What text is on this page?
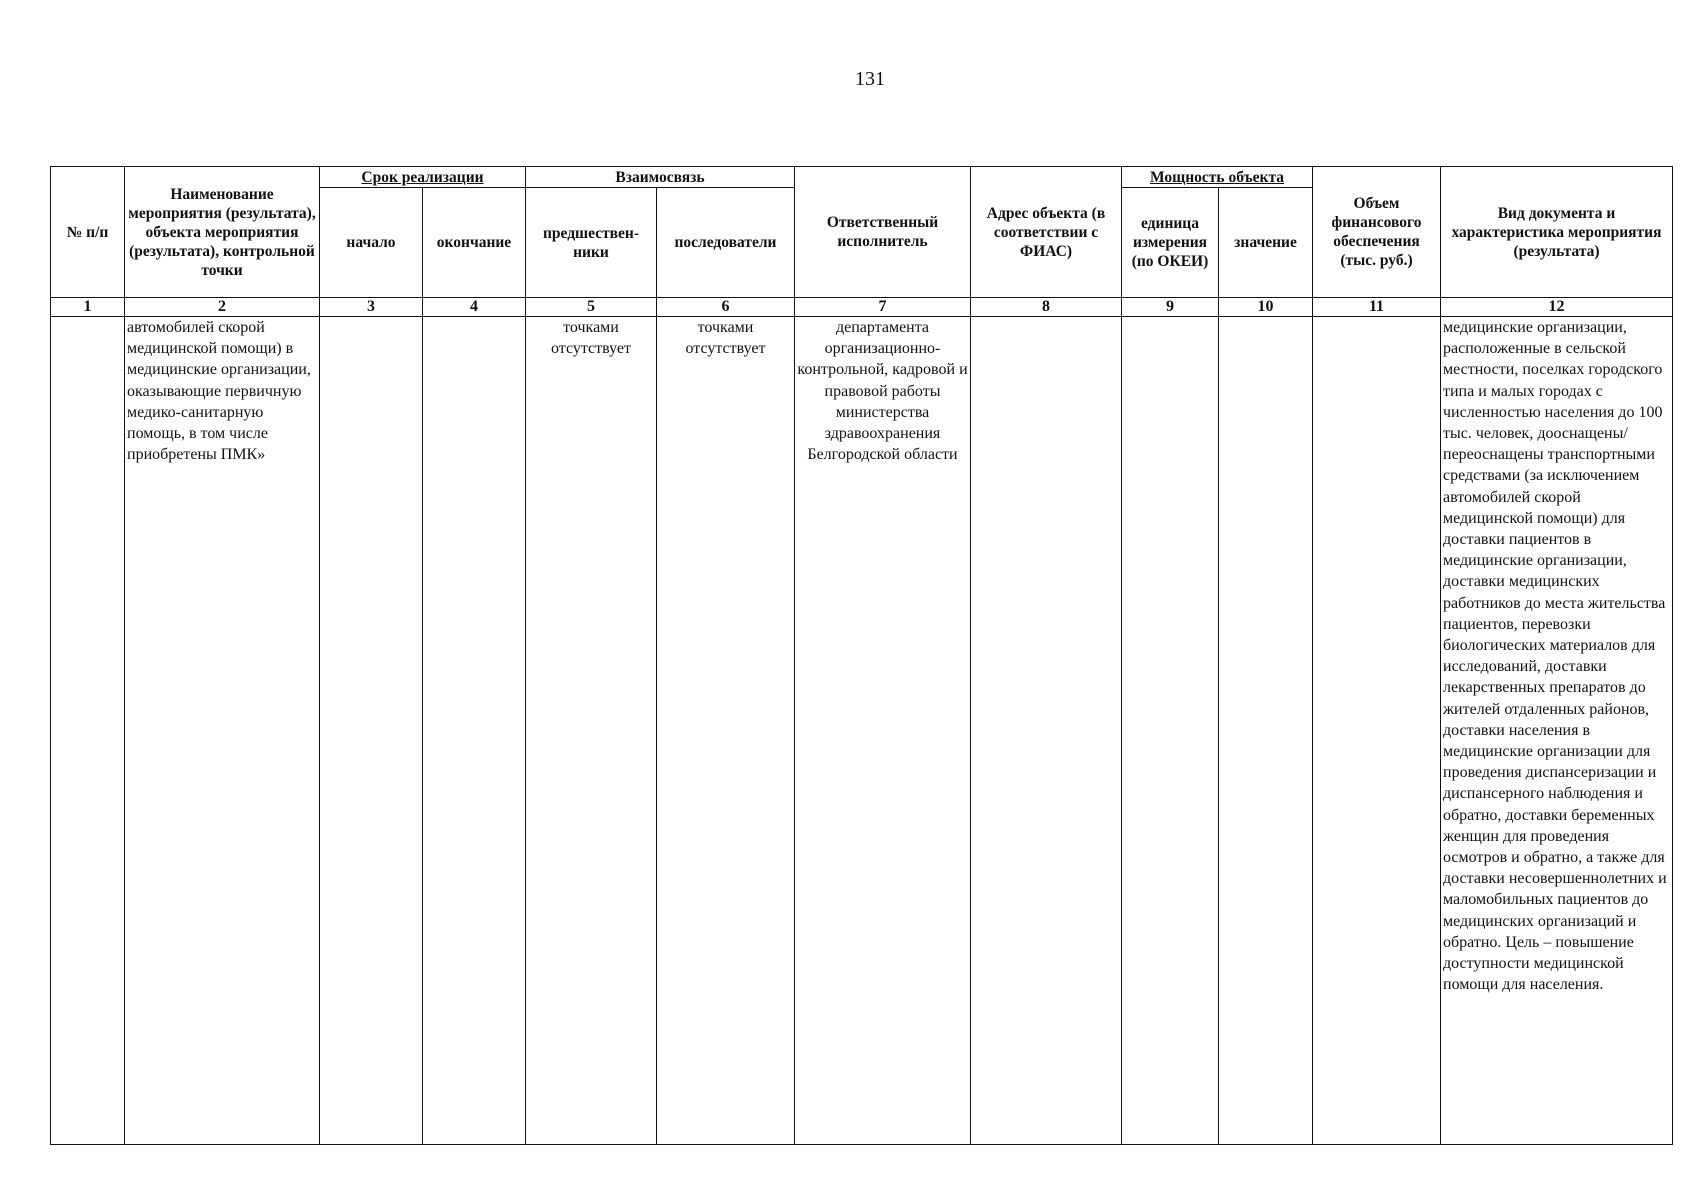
131
№ п/п	Наименование мероприятия (результата), объекта мероприятия (результата), контрольной точки	Срок реализации		Взаимосвязь		Ответственный исполнитель	Адрес объекта (в соответствии с ФИАС)	Мощность объекта		Объем финансового обеспечения (тыс. руб.)	Вид документа и характеристика мероприятия (результата)
		начало	окончание	предшествен-ники	последователи			единица измерения (по ОКЕИ)	значение		
1	2	3	4	5	6	7	8	9	10	11	12
	автомобилей скорой медицинской помощи) в медицинские организации, оказывающие первичную медико-санитарную помощь, в том числе приобретены ПМК»			точками отсутствует	точками отсутствует	департамента организационно-контрольной, кадровой и правовой работы министерства здравоохранения Белгородской области					медицинские организации, расположенные в сельской местности, поселках городского типа и малых городах с численностью населения до 100 тыс. человек, дооснащены/переоснащены транспортными средствами (за исключением автомобилей скорой медицинской помощи) для доставки пациентов в медицинские организации, доставки медицинских работников до места жительства пациентов, перевозки биологических материалов для исследований, доставки лекарственных препаратов до жителей отдаленных районов, доставки населения в медицинские организации для проведения диспансеризации и диспансерного наблюдения и обратно, доставки беременных женщин для проведения осмотров и обратно, а также для доставки несовершеннолетних и маломобильных пациентов до медицинских организаций и обратно. Цель – повышение доступности медицинской помощи для населения.
